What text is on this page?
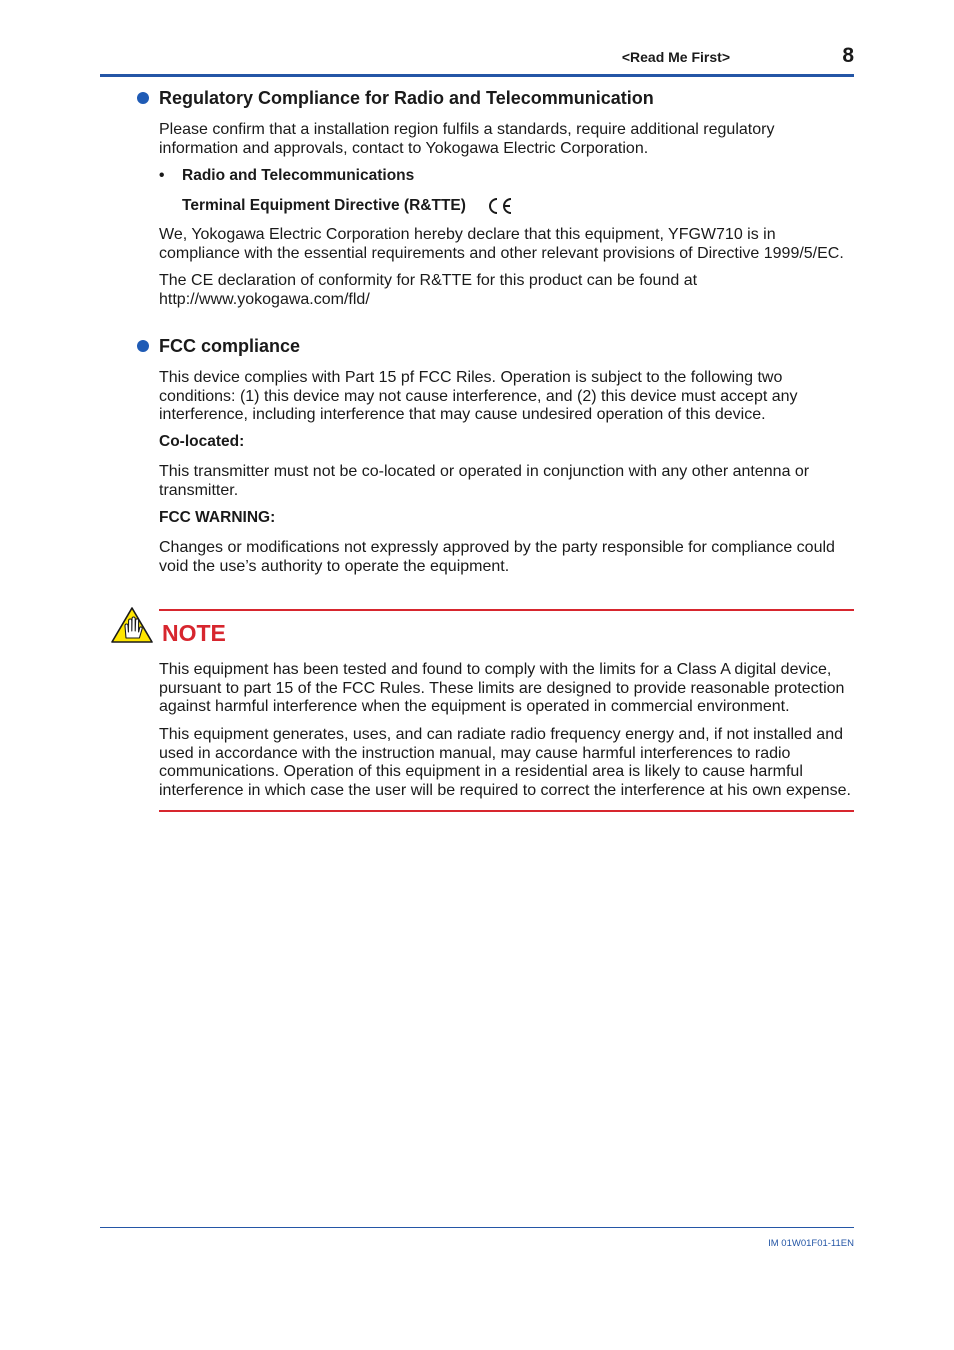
<Read Me First>	8
Regulatory Compliance for Radio and Telecommunication

Please confirm that a installation region fulfils a standards, require additional regulatory information and approvals, contact to Yokogawa Electric Corporation.

• Radio and Telecommunications
Terminal Equipment Directive (R&TTE)

We, Yokogawa Electric Corporation hereby declare that this equipment, YFGW710 is in compliance with the essential requirements and other relevant provisions of Directive 1999/5/EC.

The CE declaration of conformity for R&TTE for this product can be found at http://www.yokogawa.com/fld/

FCC compliance

This device complies with Part 15 pf FCC Riles. Operation is subject to the following two conditions: (1) this device may not cause interference, and (2) this device must accept any interference, including interference that may cause undesired operation of this device.

Co-located:

This transmitter must not be co-located or operated in conjunction with any other antenna or transmitter.

FCC WARNING:

Changes or modifications not expressly approved by the party responsible for compliance could void the use’s authority to operate the equipment.

NOTE

This equipment has been tested and found to comply with the limits for a Class A digital device, pursuant to part 15 of the FCC Rules. These limits are designed to provide reasonable protection against harmful interference when the equipment is operated in commercial environment.

This equipment generates, uses, and can radiate radio frequency energy and, if not installed and used in accordance with the instruction manual, may cause harmful interferences to radio communications. Operation of this equipment in a residential area is likely to cause harmful interference in which case the user will be required to correct the interference at his own expense.

IM 01W01F01-11EN
